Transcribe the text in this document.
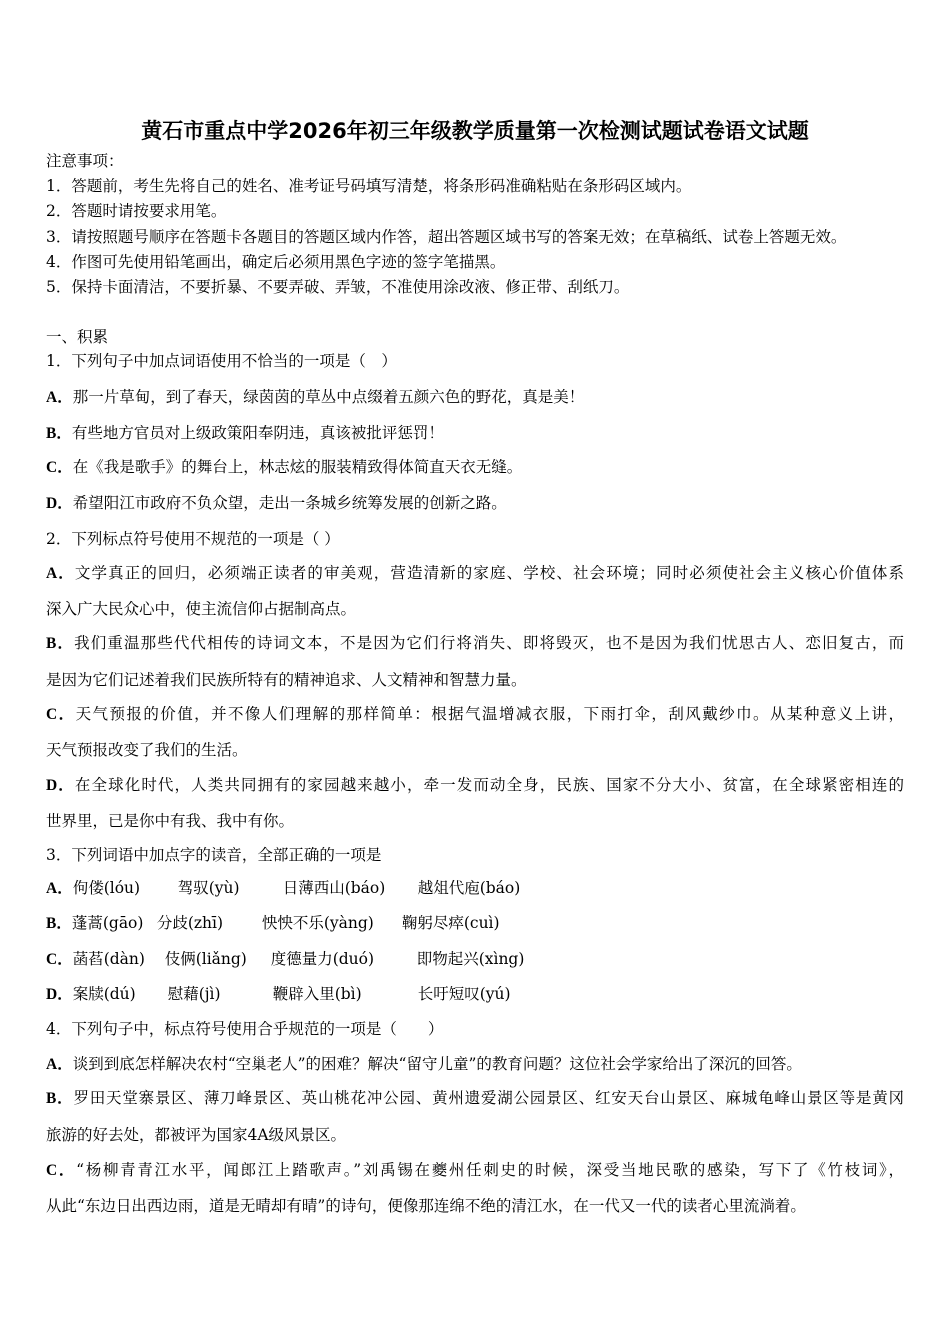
黄石市重点中学2026年初三年级教学质量第一次检测试题试卷语文试题
注意事项：
1．答题前，考生先将自己的姓名、准考证号码填写清楚，将条形码准确粘贴在条形码区域内。
2．答题时请按要求用笔。
3．请按照题号顺序在答题卡各题目的答题区域内作答，超出答题区域书写的答案无效；在草稿纸、试卷上答题无效。
4．作图可先使用铅笔画出，确定后必须用黑色字迹的签字笔描黑。
5．保持卡面清洁，不要折暴、不要弄破、弄皱，不准使用涂改液、修正带、刮纸刀。
一、积累
1．下列句子中加点词语使用不恰当的一项是（　）
A．那一片草甸，到了春天，绿茵茵的草丛中点缀着五颜六色的野花，真是美！
B．有些地方官员对上级政策阳奉阴违，真该被批评惩罚！
C．在《我是歌手》的舞台上，林志炫的服装精致得体简直天衣无缝。
D．希望阳江市政府不负众望，走出一条城乡统筹发展的创新之路。
2．下列标点符号使用不规范的一项是（ ）
A．文学真正的回归，必须端正读者的审美观，营造清新的家庭、学校、社会环境；同时必须使社会主义核心价值体系
深入广大民众心中，使主流信仰占据制高点。
B．我们重温那些代代相传的诗词文本，不是因为它们行将消失、即将毁灭，也不是因为我们忧思古人、恋旧复古，而
是因为它们记述着我们民族所特有的精神追求、人文精神和智慧力量。
C．天气预报的价值，并不像人们理解的那样简单：根据气温增减衣服，下雨打伞，刮风戴纱巾。从某种意义上讲，
天气预报改变了我们的生活。
D．在全球化时代，人类共同拥有的家园越来越小，牵一发而动全身，民族、国家不分大小、贫富，在全球紧密相连的
世界里，已是你中有我、我中有你。
3．下列词语中加点字的读音，全部正确的一项是
A．佝偻(lóu) 驾驭(yù)	日薄西山(báo) 越俎代庖(báo)
B．蓬蒿(gāo) 分歧(zhī)	怏怏不乐(yàng) 鞠躬尽瘁(cuì)
C．菡萏(dàn) 伎俩(liǎng) 度德量力(duó)	即物起兴(xìng)
D．案牍(dú) 慰藉(jì)	鞭辟入里(bì)	长吁短叹(yú)
4．下列句子中，标点符号使用合乎规范的一项是（　　）
A．谈到到底怎样解决农村“空巢老人”的困难？解决“留守儿童”的教育问题？这位社会学家给出了深沉的回答。
B．罗田天堂寨景区、薄刀峰景区、英山桃花冲公园、黄州遗爱湖公园景区、红安天台山景区、麻城龟峰山景区等是黄冈
旅游的好去处，都被评为国家4A级风景区。
C．“杨柳青青江水平，闻郎江上踏歌声。”刘禹锡在夔州任刺史的时候，深受当地民歌的感染，写下了《竹枝词》，
从此“东边日出西边雨，道是无晴却有晴”的诗句，便像那连绵不绝的清江水，在一代又一代的读者心里流淌着。
